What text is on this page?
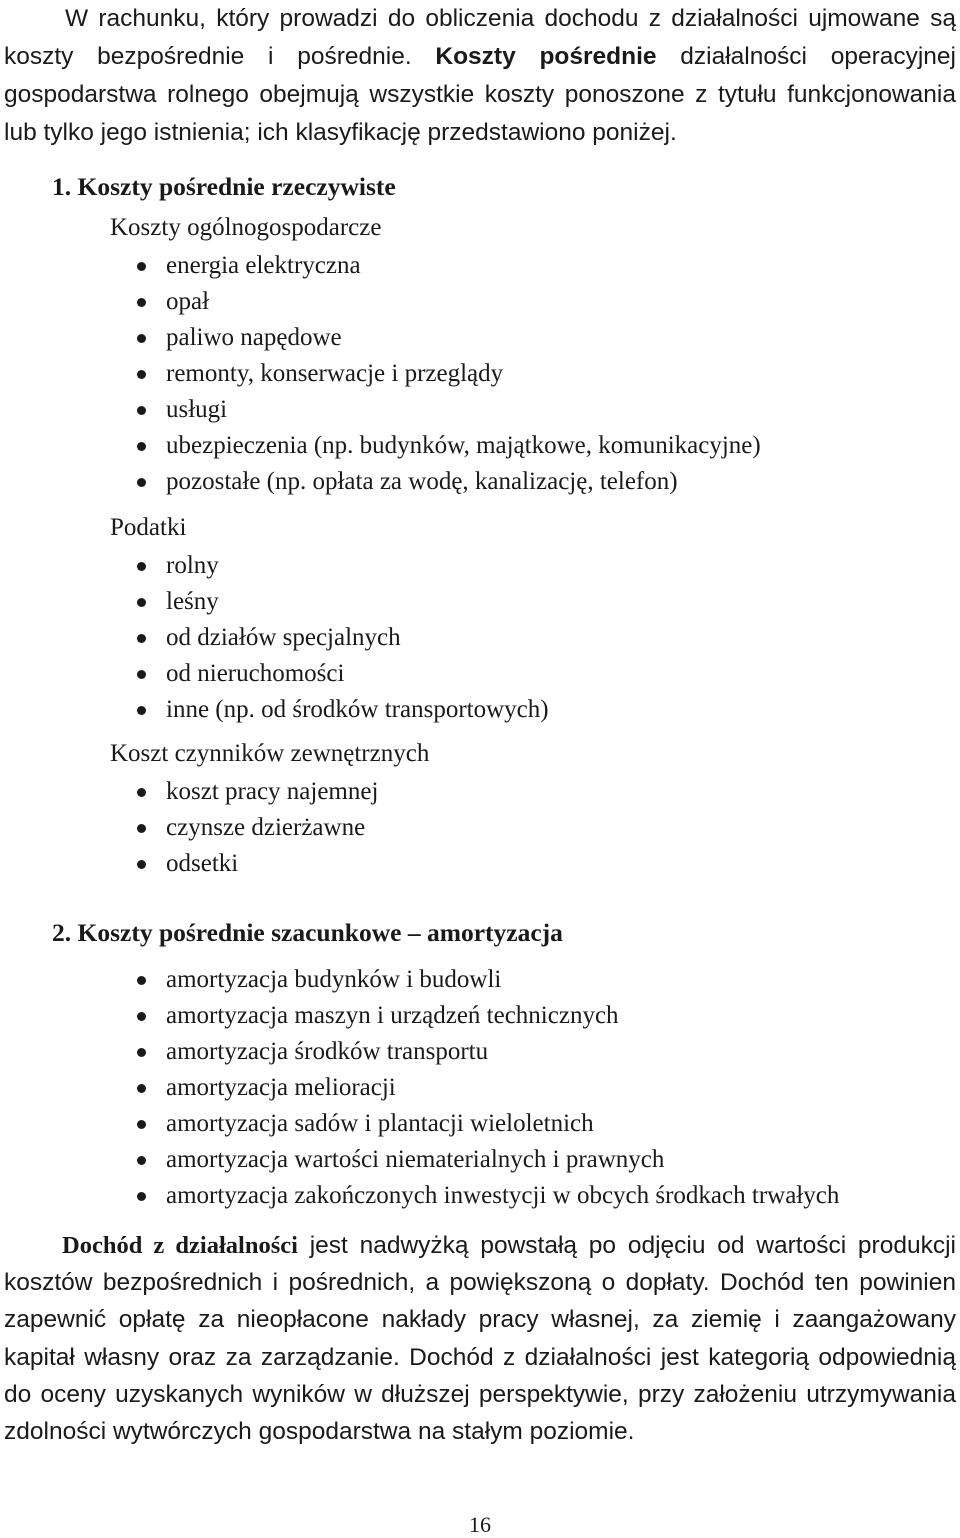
W rachunku, który prowadzi do obliczenia dochodu z działalności ujmowane są koszty bezpośrednie i pośrednie. Koszty pośrednie działalności operacyjnej gospodarstwa rolnego obejmują wszystkie koszty ponoszone z tytułu funkcjonowania lub tylko jego istnienia; ich klasyfikację przedstawiono poniżej.

1. Koszty pośrednie rzeczywiste

Koszty ogólnogospodarcze

energia elektryczna
opał
paliwo napędowe
remonty, konserwacje i przeglądy
usługi
ubezpieczenia (np. budynków, majątkowe, komunikacyjne)
pozostałe (np. opłata za wodę, kanalizację, telefon)

Podatki

rolny
leśny
od działów specjalnych
od nieruchomości
inne (np. od środków transportowych)

Koszt czynników zewnętrznych

koszt pracy najemnej
czynsze dzierżawne
odsetki
2. Koszty pośrednie szacunkowe – amortyzacja
amortyzacja budynków i budowli
amortyzacja maszyn i urządzeń technicznych
amortyzacja środków transportu
amortyzacja melioracji
amortyzacja sadów i plantacji wieloletnich
amortyzacja wartości niematerialnych i prawnych
amortyzacja zakończonych inwestycji w obcych środkach trwałych

Dochód z działalności jest nadwyżką powstałą po odjęciu od wartości produkcji kosztów bezpośrednich i pośrednich, a powiększoną o dopłaty. Dochód ten powinien zapewnić opłatę za nieopłacone nakłady pracy własnej, za ziemię i zaangażowany kapitał własny oraz za zarządzanie. Dochód z działalności jest kategorią odpowiednią do oceny uzyskanych wyników w dłuższej perspektywie, przy założeniu utrzymywania zdolności wytwórczych gospodarstwa na stałym poziomie.

16
